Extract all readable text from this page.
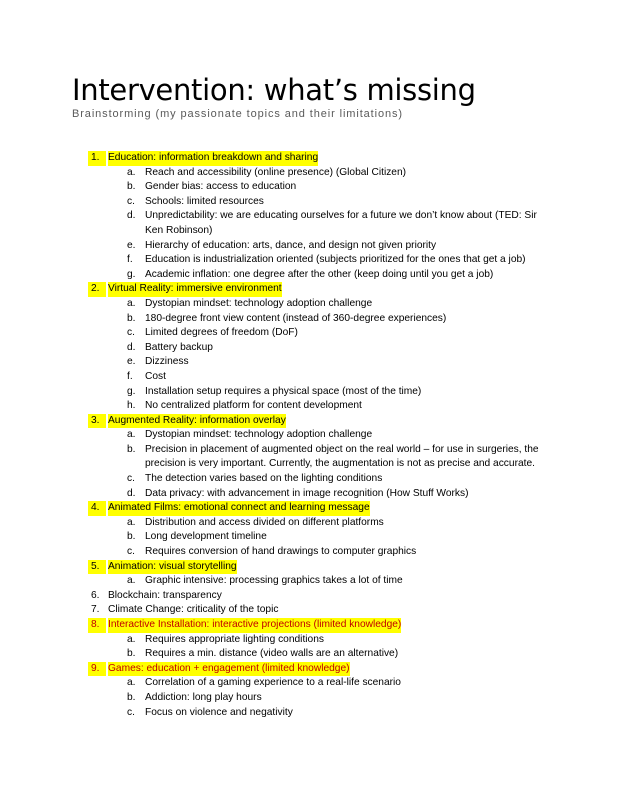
Intervention: what’s missing
Brainstorming (my passionate topics and their limitations)
1. Education: information breakdown and sharing
a. Reach and accessibility (online presence) (Global Citizen)
b. Gender bias: access to education
c. Schools: limited resources
d. Unpredictability: we are educating ourselves for a future we don’t know about (TED: Sir
Ken Robinson)
e. Hierarchy of education: arts, dance, and design not given priority
f. Education is industrialization oriented (subjects prioritized for the ones that get a job)
g. Academic inflation: one degree after the other (keep doing until you get a job)
2. Virtual Reality: immersive environment
a. Dystopian mindset: technology adoption challenge
b. 180-degree front view content (instead of 360-degree experiences)
c. Limited degrees of freedom (DoF)
d. Battery backup
e. Dizziness
f. Cost
g. Installation setup requires a physical space (most of the time)
h. No centralized platform for content development
3. Augmented Reality: information overlay
a. Dystopian mindset: technology adoption challenge
b. Precision in placement of augmented object on the real world – for use in surgeries, the
precision is very important. Currently, the augmentation is not as precise and accurate.
c. The detection varies based on the lighting conditions
d. Data privacy: with advancement in image recognition (How Stuff Works)
4. Animated Films: emotional connect and learning message
a. Distribution and access divided on different platforms
b. Long development timeline
c. Requires conversion of hand drawings to computer graphics
5. Animation: visual storytelling
a. Graphic intensive: processing graphics takes a lot of time
6. Blockchain: transparency
7. Climate Change: criticality of the topic
8. Interactive Installation: interactive projections (limited knowledge)
a. Requires appropriate lighting conditions
b. Requires a min. distance (video walls are an alternative)
9. Games: education + engagement (limited knowledge)
a. Correlation of a gaming experience to a real-life scenario
b. Addiction: long play hours
c. Focus on violence and negativity
